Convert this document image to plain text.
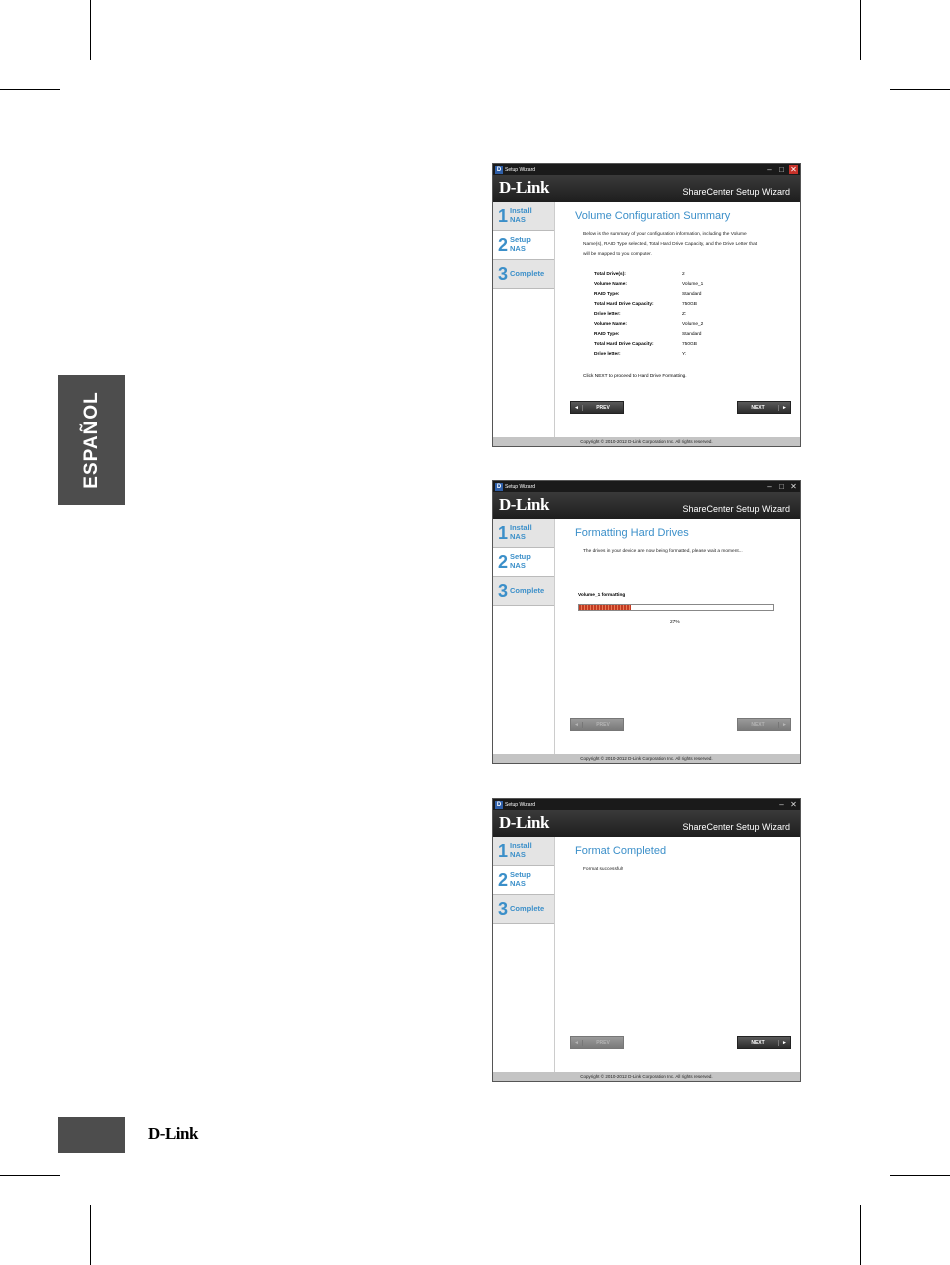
ESPAÑOL
D-Link
D Setup Wizard	– □ ✕
D-Link	ShareCenter Setup Wizard
1 Install
NAS
2 Setup
NAS
3 Complete
Volume Configuration Summary
Below is the summary of your configuration information, including the Volume Name(s), RAID Type selected, Total Hard Drive Capacity, and the Drive Letter that will be mapped to you computer.
Total Drive(s):	2
Volume Name:	Volume_1
RAID Type:	Standard
Total Hard Drive Capacity:	750GB
Drive letter:	Z:
Volume Name:	Volume_2
RAID Type:	Standard
Total Hard Drive Capacity:	750GB
Drive letter:	Y:
Click NEXT to proceed to Hard Drive Formatting.
◄	PREV	NEXT	►
Copyright © 2010-2012 D-Link Corporation Inc. All rights reserved.
D Setup Wizard	– □ ✕
D-Link	ShareCenter Setup Wizard
1 Install
NAS
2 Setup
NAS
3 Complete
Formatting Hard Drives
The drives in your device are now being formatted, please wait a moment...
Volume_1 formatting
27%
◄	PREV	NEXT	►
Copyright © 2010-2012 D-Link Corporation Inc. All rights reserved.
D Setup Wizard	– ✕
D-Link	ShareCenter Setup Wizard
1 Install
NAS
2 Setup
NAS
3 Complete
Format Completed
Format successful!
◄	PREV	NEXT	►
Copyright © 2010-2012 D-Link Corporation Inc. All rights reserved.
